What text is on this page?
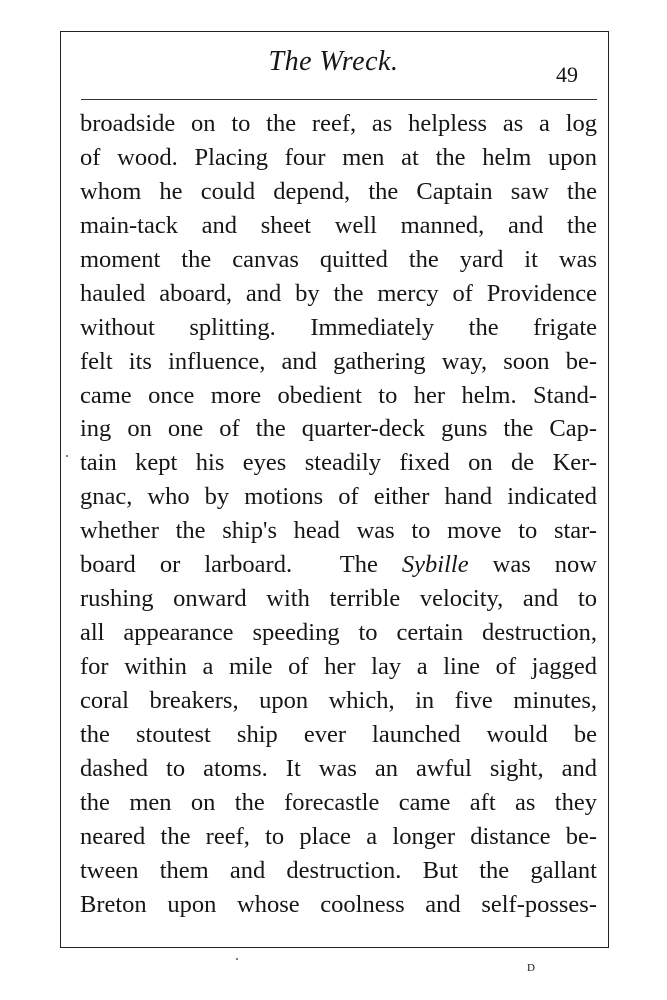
The Wreck.	49
broadside on to the reef, as helpless as a log
of wood. Placing four men at the helm upon
whom he could depend, the Captain saw the
main-tack and sheet well manned, and the
moment the canvas quitted the yard it was
hauled aboard, and by the mercy of Providence
without splitting. Immediately the frigate
felt its influence, and gathering way, soon be-
came once more obedient to her helm. Stand-
ing on one of the quarter-deck guns the Cap-
tain kept his eyes steadily fixed on de Ker-
gnac, who by motions of either hand indicated
whether the ship's head was to move to star-
board or larboard.  The Sybille was now
rushing onward with terrible velocity, and to
all appearance speeding to certain destruction,
for within a mile of her lay a line of jagged
coral breakers, upon which, in five minutes,
the stoutest ship ever launched would be
dashed to atoms. It was an awful sight, and
the men on the forecastle came aft as they
neared the reef, to place a longer distance be-
tween them and destruction. But the gallant
Breton upon whose coolness and self-posses-
D
